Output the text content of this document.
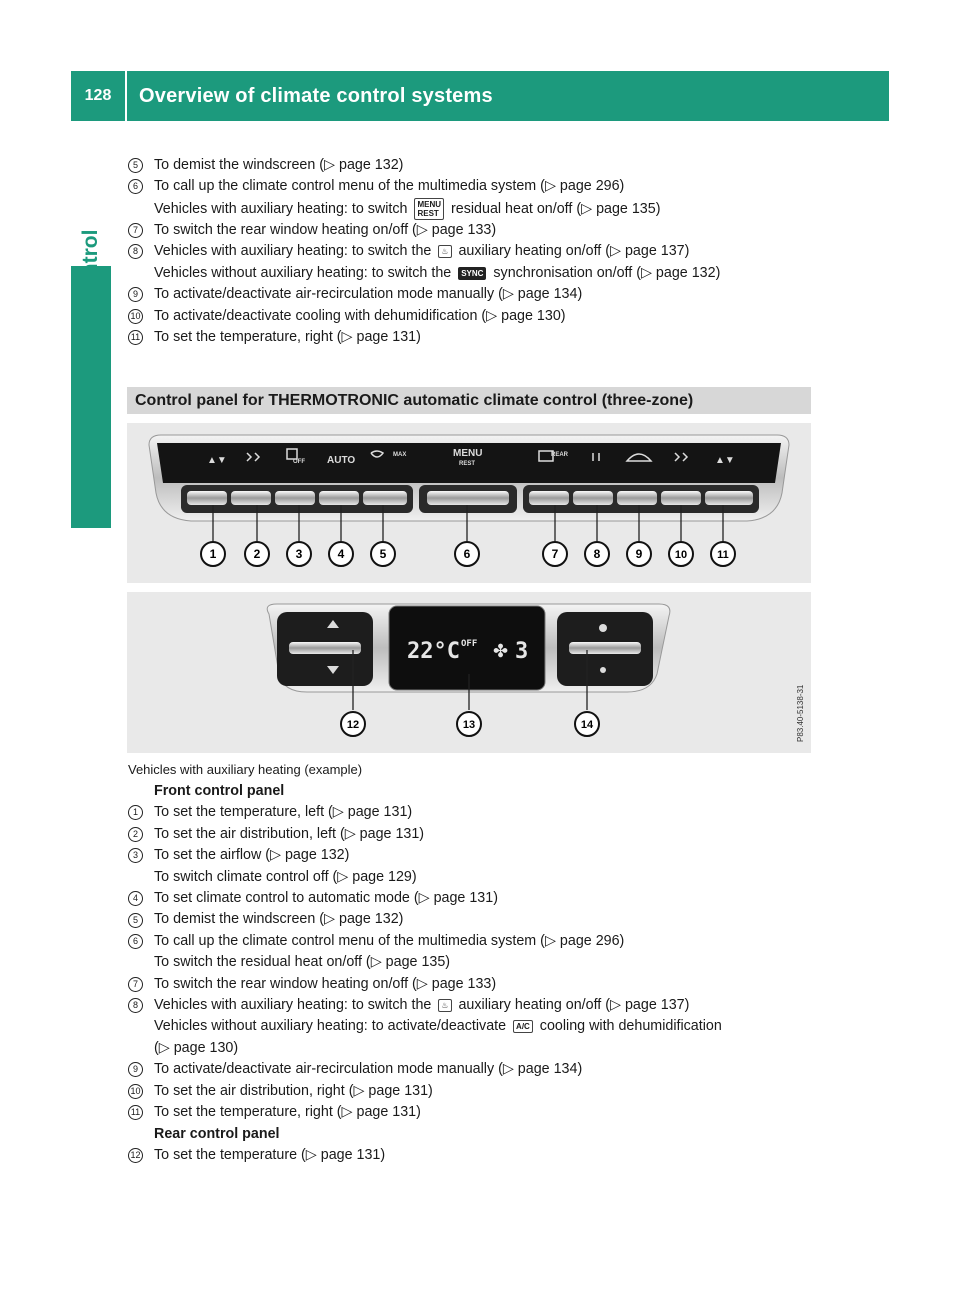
128	Overview of climate control systems
5	To demist the windscreen (▷ page 132)
6	To call up the climate control menu of the multimedia system (▷ page 296)
Vehicles with auxiliary heating: to switch MENU
REST residual heat on/off (▷ page 135)
7	To switch the rear window heating on/off (▷ page 133)
8	Vehicles with auxiliary heating: to switch the ♨ auxiliary heating on/off (▷ page 137)
Vehicles without auxiliary heating: to switch the SYNC synchronisation on/off (▷ page 132)
9	To activate/deactivate air-recirculation mode manually (▷ page 134)
10 To activate/deactivate cooling with dehumidification (▷ page 130)
11 To set the temperature, right (▷ page 131)
Control panel for THERMOTRONIC automatic climate control (three-zone)
▲▼	AUTO
MENU
REST
REAR
MAX
OFF	▲▼
1	2	3	4	5	6	7	8	9	10	11
22°C OFF 3
✤
12	13	14	P83.40-5138-31
Vehicles with auxiliary heating (example)
Front control panel
1	To set the temperature, left (▷ page 131)
2	To set the air distribution, left (▷ page 131)
3	To set the airflow (▷ page 132)
To switch climate control off (▷ page 129)
4	To set climate control to automatic mode (▷ page 131)
5	To demist the windscreen (▷ page 132)
6	To call up the climate control menu of the multimedia system (▷ page 296)
To switch the residual heat on/off (▷ page 135)
7	To switch the rear window heating on/off (▷ page 133)
8	Vehicles with auxiliary heating: to switch the ♨ auxiliary heating on/off (▷ page 137)
Vehicles without auxiliary heating: to activate/deactivate A/C cooling with dehumidification
(▷ page 130)
9	To activate/deactivate air-recirculation mode manually (▷ page 134)
10 To set the air distribution, right (▷ page 131)
11 To set the temperature, right (▷ page 131)
Rear control panel
12 To set the temperature (▷ page 131)
